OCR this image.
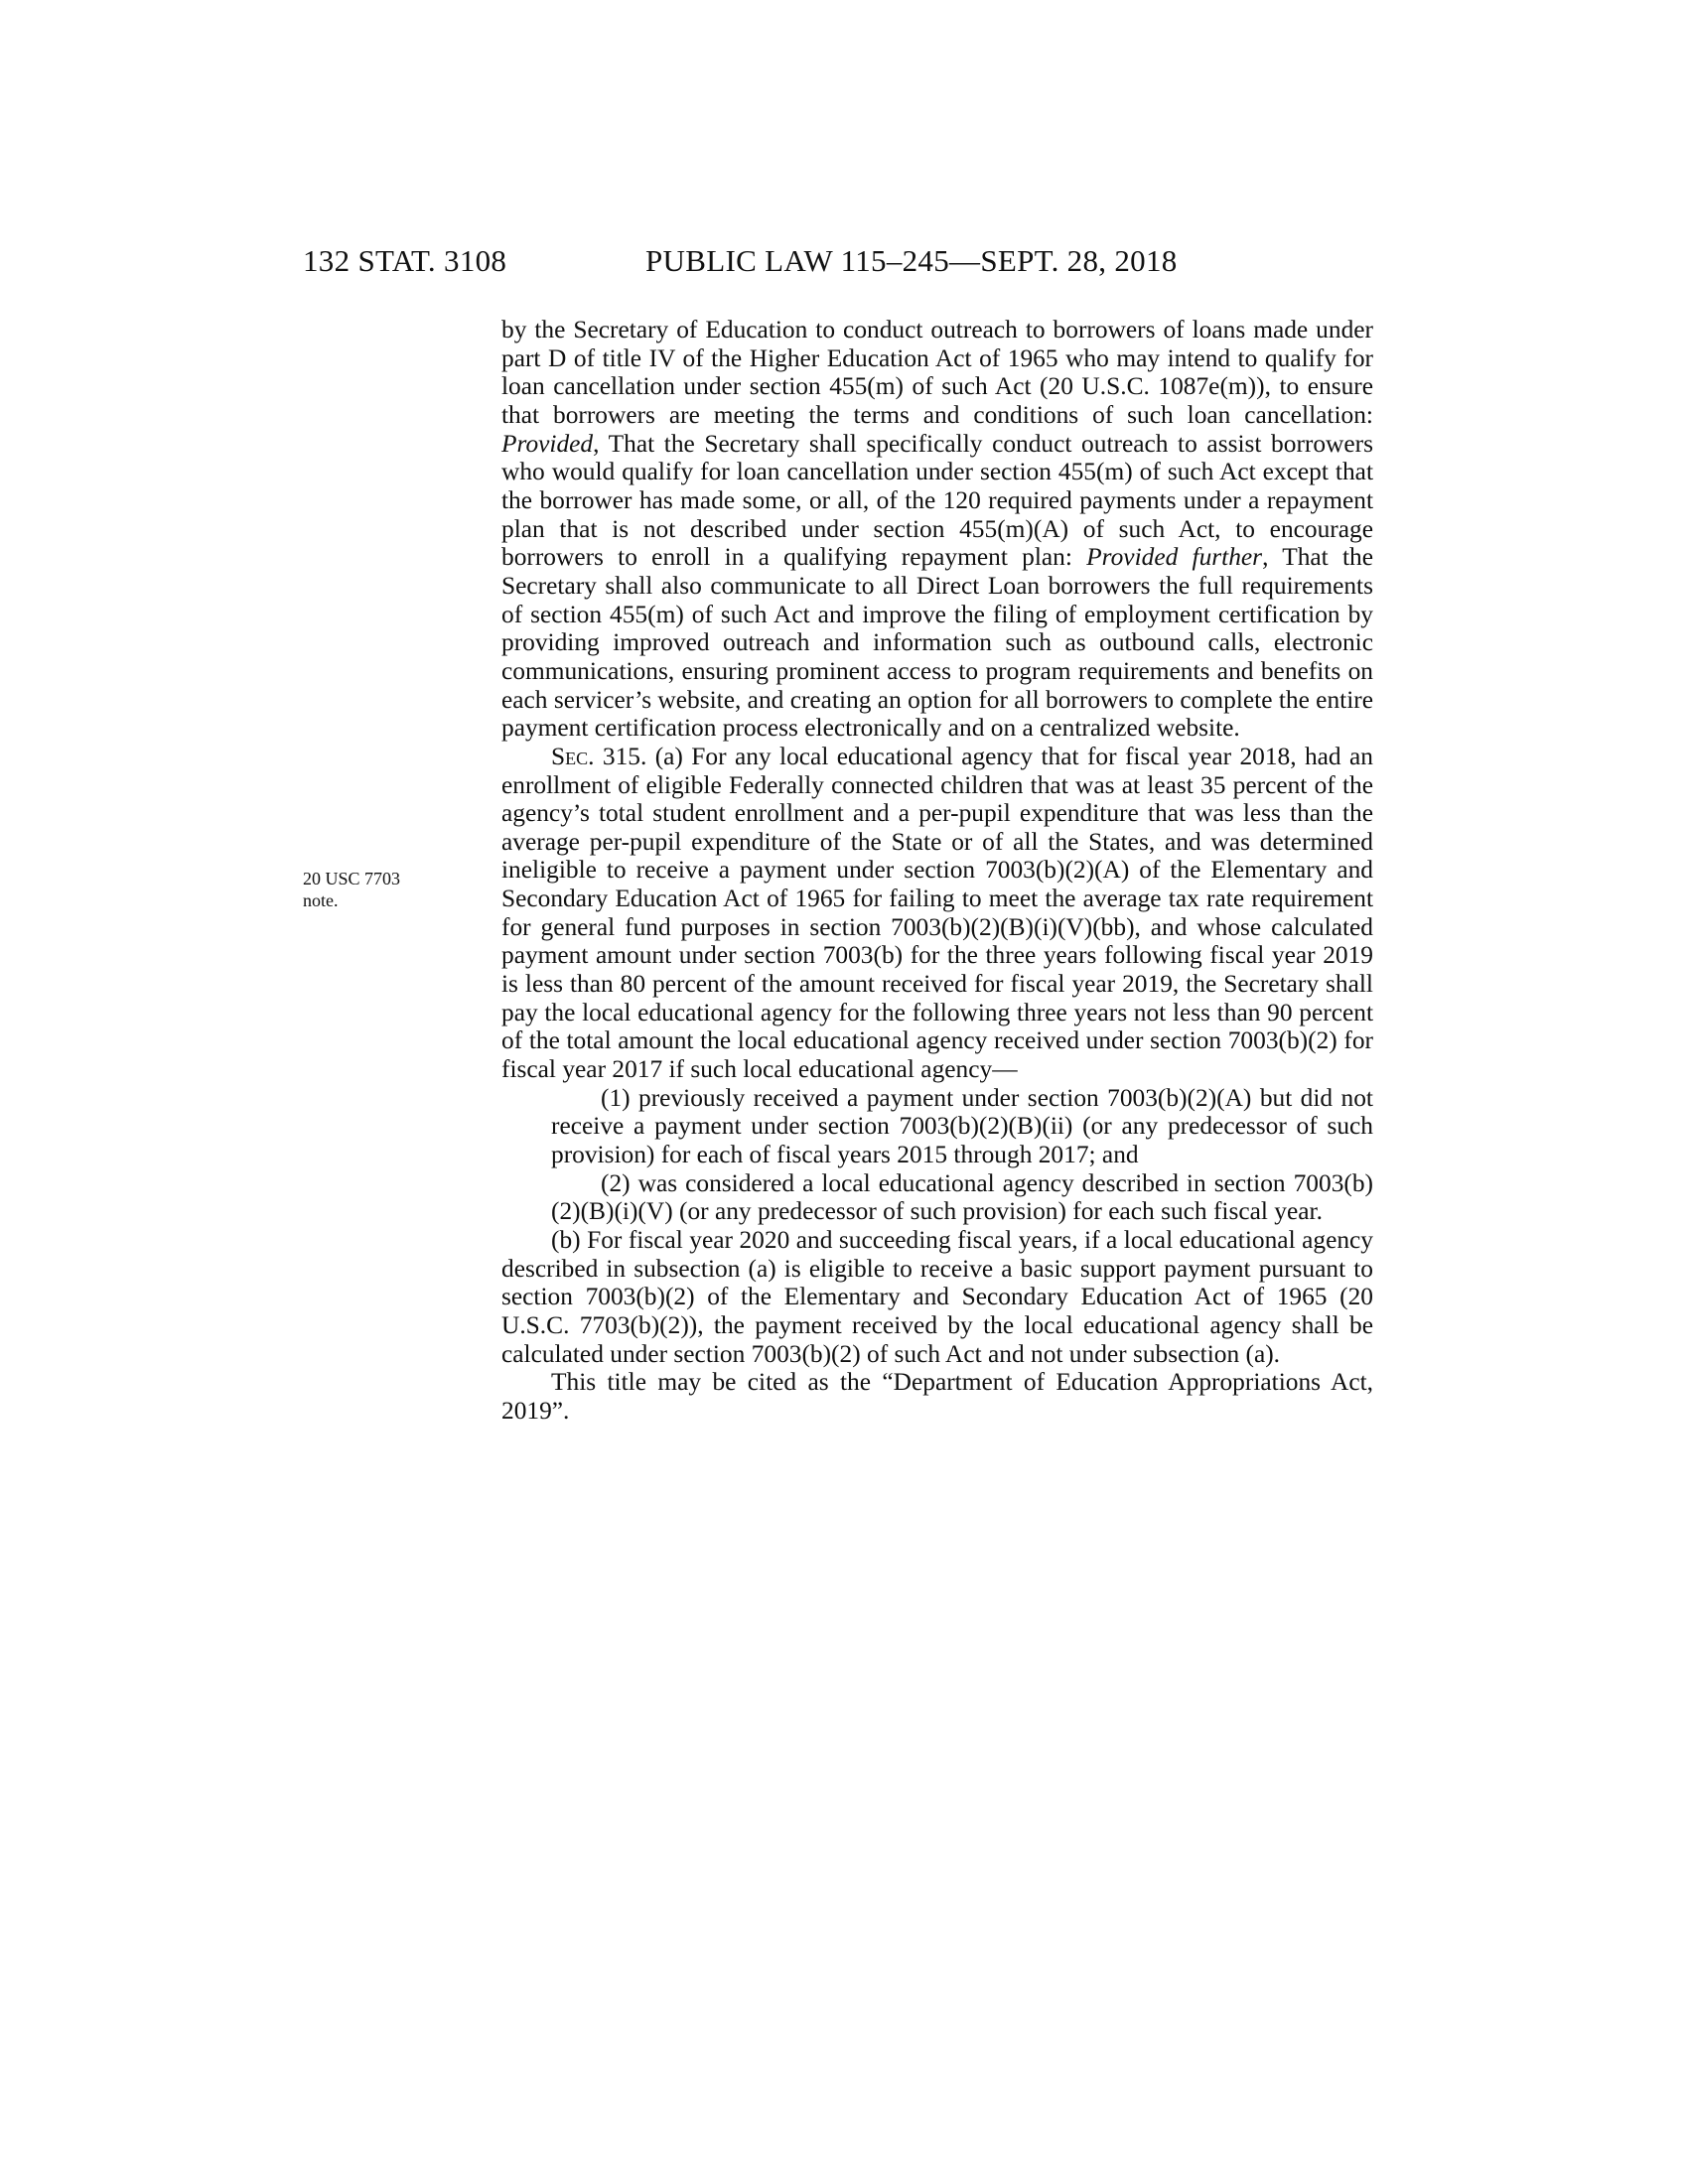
132 STAT. 3108	PUBLIC LAW 115–245—SEPT. 28, 2018
20 USC 7703
note.

by the Secretary of Education to conduct outreach to borrowers of loans made under part D of title IV of the Higher Education Act of 1965 who may intend to qualify for loan cancellation under section 455(m) of such Act (20 U.S.C. 1087e(m)), to ensure that borrowers are meeting the terms and conditions of such loan cancellation: Provided, That the Secretary shall specifically conduct outreach to assist borrowers who would qualify for loan cancellation under section 455(m) of such Act except that the borrower has made some, or all, of the 120 required payments under a repayment plan that is not described under section 455(m)(A) of such Act, to encourage borrowers to enroll in a qualifying repayment plan: Provided further, That the Secretary shall also communicate to all Direct Loan borrowers the full requirements of section 455(m) of such Act and improve the filing of employment certification by providing improved outreach and information such as outbound calls, electronic communications, ensuring prominent access to program requirements and benefits on each servicer’s website, and creating an option for all borrowers to complete the entire payment certification process electronically and on a centralized website.

Sec. 315. (a) For any local educational agency that for fiscal year 2018, had an enrollment of eligible Federally connected children that was at least 35 percent of the agency’s total student enrollment and a per-pupil expenditure that was less than the average per-pupil expenditure of the State or of all the States, and was determined ineligible to receive a payment under section 7003(b)(2)(A) of the Elementary and Secondary Education Act of 1965 for failing to meet the average tax rate requirement for general fund purposes in section 7003(b)(2)(B)(i)(V)(bb), and whose calculated payment amount under section 7003(b) for the three years following fiscal year 2019 is less than 80 percent of the amount received for fiscal year 2019, the Secretary shall pay the local educational agency for the following three years not less than 90 percent of the total amount the local educational agency received under section 7003(b)(2) for fiscal year 2017 if such local educational agency—

(1) previously received a payment under section 7003(b)(2)(A) but did not receive a payment under section 7003(b)(2)(B)(ii) (or any predecessor of such provision) for each of fiscal years 2015 through 2017; and

(2) was considered a local educational agency described in section 7003(b)(2)(B)(i)(V) (or any predecessor of such provision) for each such fiscal year.

(b) For fiscal year 2020 and succeeding fiscal years, if a local educational agency described in subsection (a) is eligible to receive a basic support payment pursuant to section 7003(b)(2) of the Elementary and Secondary Education Act of 1965 (20 U.S.C. 7703(b)(2)), the payment received by the local educational agency shall be calculated under section 7003(b)(2) of such Act and not under subsection (a).

This title may be cited as the “Department of Education Appropriations Act, 2019”.
